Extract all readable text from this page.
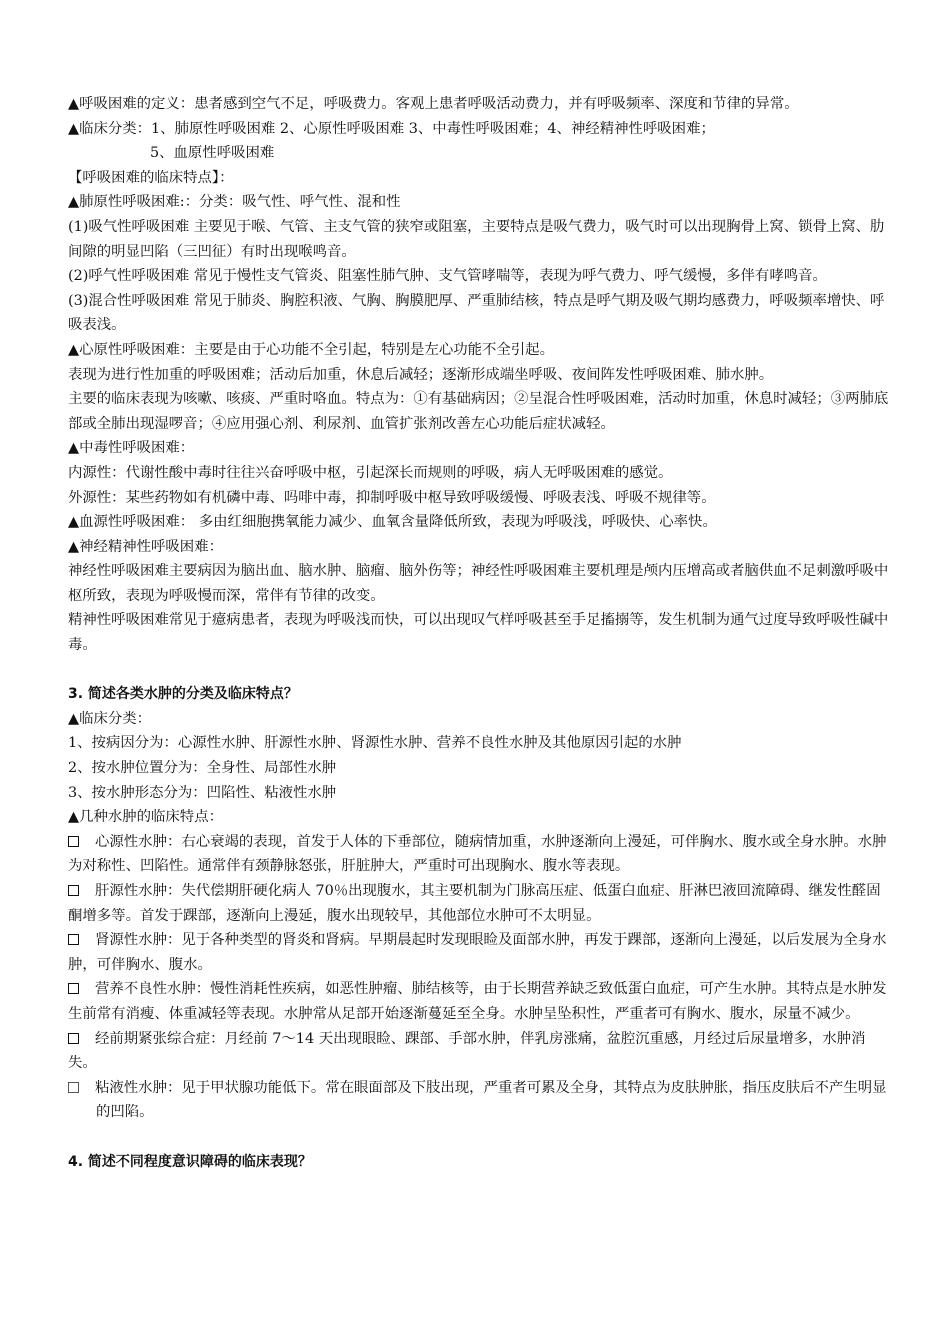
▲呼吸困难的定义：患者感到空气不足，呼吸费力。客观上患者呼吸活动费力，并有呼吸频率、深度和节律的异常。

▲临床分类：1、肺原性呼吸困难 2、心原性呼吸困难 3、中毒性呼吸困难；4、神经精神性呼吸困难；

5、血原性呼吸困难

【呼吸困难的临床特点】：

▲肺原性呼吸困难:：分类：吸气性、呼气性、混和性

(1)吸气性呼吸困难 主要见于喉、气管、主支气管的狭窄或阻塞，主要特点是吸气费力，吸气时可以出现胸骨上窝、锁骨上窝、肋间隙的明显凹陷（三凹征）有时出现喉鸣音。

(2)呼气性呼吸困难 常见于慢性支气管炎、阻塞性肺气肿、支气管哮喘等，表现为呼气费力、呼气缓慢，多伴有哮鸣音。

(3)混合性呼吸困难 常见于肺炎、胸腔积液、气胸、胸膜肥厚、严重肺结核，特点是呼气期及吸气期均感费力，呼吸频率增快、呼吸表浅。

▲心原性呼吸困难：主要是由于心功能不全引起，特别是左心功能不全引起。

表现为进行性加重的呼吸困难；活动后加重，休息后减轻；逐渐形成端坐呼吸、夜间阵发性呼吸困难、肺水肿。

主要的临床表现为咳嗽、咳痰、严重时咯血。特点为：①有基础病因；②呈混合性呼吸困难，活动时加重，休息时减轻；③两肺底部或全肺出现湿啰音；④应用强心剂、利尿剂、血管扩张剂改善左心功能后症状减轻。

▲中毒性呼吸困难：

内源性：代谢性酸中毒时往往兴奋呼吸中枢，引起深长而规则的呼吸，病人无呼吸困难的感觉。

外源性：某些药物如有机磷中毒、吗啡中毒，抑制呼吸中枢导致呼吸缓慢、呼吸表浅、呼吸不规律等。

▲血源性呼吸困难： 多由红细胞携氧能力减少、血氧含量降低所致，表现为呼吸浅，呼吸快、心率快。

▲神经精神性呼吸困难：

神经性呼吸困难主要病因为脑出血、脑水肿、脑瘤、脑外伤等；神经性呼吸困难主要机理是颅内压增高或者脑供血不足刺激呼吸中枢所致，表现为呼吸慢而深，常伴有节律的改变。

精神性呼吸困难常见于癔病患者，表现为呼吸浅而快，可以出现叹气样呼吸甚至手足搐搦等，发生机制为通气过度导致呼吸性碱中毒。

3. 简述各类水肿的分类及临床特点？

▲临床分类：

1、按病因分为：心源性水肿、肝源性水肿、肾源性水肿、营养不良性水肿及其他原因引起的水肿

2、按水肿位置分为：全身性、局部性水肿

3、按水肿形态分为：凹陷性、粘液性水肿

▲几种水肿的临床特点：

心源性水肿：右心衰竭的表现，首发于人体的下垂部位，随病情加重，水肿逐渐向上漫延，可伴胸水、腹水或全身水肿。水肿为对称性、凹陷性。通常伴有颈静脉怒张，肝脏肿大，严重时可出现胸水、腹水等表现。

肝源性水肿：失代偿期肝硬化病人 70％出现腹水，其主要机制为门脉高压症、低蛋白血症、肝淋巴液回流障碍、继发性醛固酮增多等。首发于踝部，逐渐向上漫延，腹水出现较早，其他部位水肿可不太明显。

肾源性水肿：见于各种类型的肾炎和肾病。早期晨起时发现眼睑及面部水肿，再发于踝部，逐渐向上漫延，以后发展为全身水肿，可伴胸水、腹水。

营养不良性水肿：慢性消耗性疾病，如恶性肿瘤、肺结核等，由于长期营养缺乏致低蛋白血症，可产生水肿。其特点是水肿发生前常有消瘦、体重减轻等表现。水肿常从足部开始逐渐蔓延至全身。水肿呈坠积性，严重者可有胸水、腹水，尿量不减少。

经前期紧张综合症：月经前 7～14 天出现眼睑、踝部、手部水肿，伴乳房涨痛，盆腔沉重感，月经过后尿量增多，水肿消失。

粘液性水肿：见于甲状腺功能低下。常在眼面部及下肢出现，严重者可累及全身，其特点为皮肤肿胀，指压皮肤后不产生明显的凹陷。

4. 简述不同程度意识障碍的临床表现？
